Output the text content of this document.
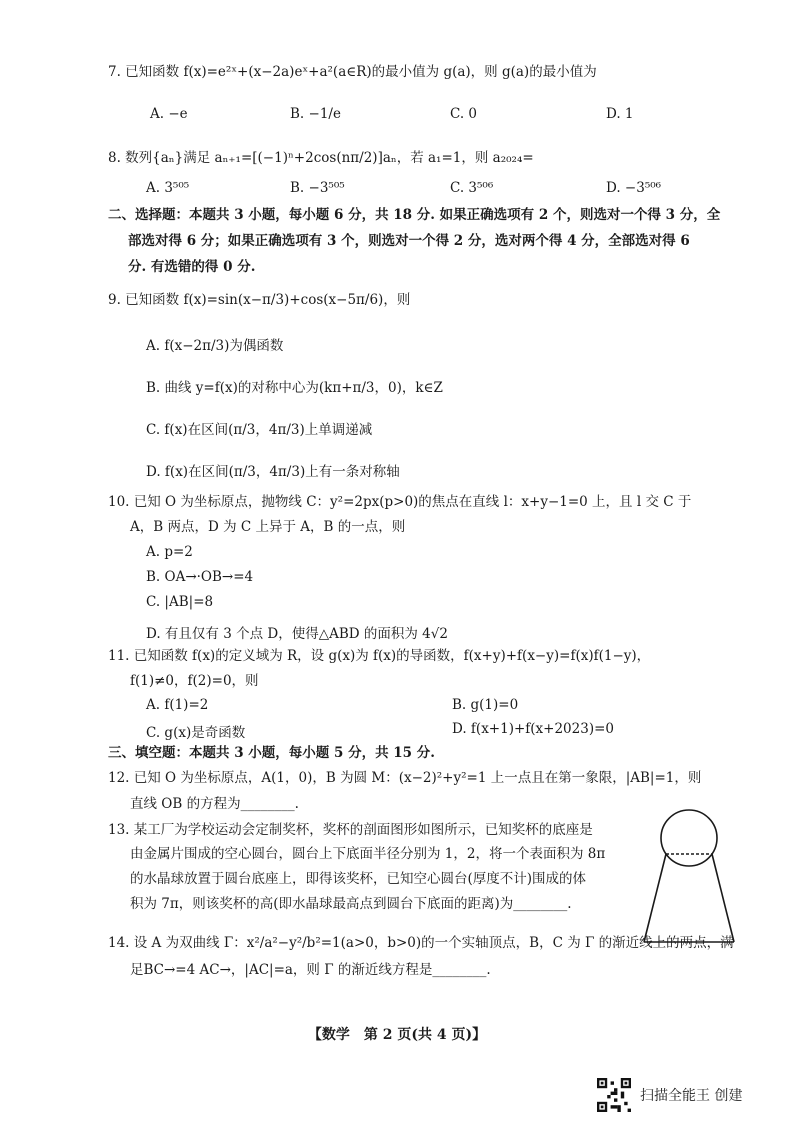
7. 已知函数 f(x)=e²ˣ+(x−2a)eˣ+a²(a∈R)的最小值为 g(a)，则 g(a)的最小值为
A. −e	B. −1/e	C. 0	D. 1
8. 数列{aₙ}满足 aₙ₊₁=[(−1)ⁿ+2cos(nπ/2)]aₙ，若 a₁=1，则 a₂₀₂₄=
A. 3⁵⁰⁵	B. −3⁵⁰⁵	C. 3⁵⁰⁶	D. −3⁵⁰⁶
二、选择题：本题共 3 小题，每小题 6 分，共 18 分. 如果正确选项有 2 个，则选对一个得 3 分，全
部选对得 6 分；如果正确选项有 3 个，则选对一个得 2 分，选对两个得 4 分，全部选对得 6
分. 有选错的得 0 分.
9. 已知函数 f(x)=sin(x−π/3)+cos(x−5π/6)，则
A. f(x−2π/3)为偶函数
B. 曲线 y=f(x)的对称中心为(kπ+π/3，0)，k∈Z
C. f(x)在区间(π/3，4π/3)上单调递减
D. f(x)在区间(π/3，4π/3)上有一条对称轴
10. 已知 O 为坐标原点，抛物线 C：y²=2px(p>0)的焦点在直线 l：x+y−1=0 上，且 l 交 C 于
A，B 两点，D 为 C 上异于 A，B 的一点，则
A. p=2
B. OA→·OB→=4
C. |AB|=8
D. 有且仅有 3 个点 D，使得△ABD 的面积为 4√2
11. 已知函数 f(x)的定义域为 R，设 g(x)为 f(x)的导函数，f(x+y)+f(x−y)=f(x)f(1−y)，
f(1)≠0，f(2)=0，则
A. f(1)=2	B. g(1)=0
C. g(x)是奇函数	D. f(x+1)+f(x+2023)=0
三、填空题：本题共 3 小题，每小题 5 分，共 15 分.
12. 已知 O 为坐标原点，A(1，0)，B 为圆 M：(x−2)²+y²=1 上一点且在第一象限，|AB|=1，则
直线 OB 的方程为________.
13. 某工厂为学校运动会定制奖杯，奖杯的剖面图形如图所示，已知奖杯的底座是
由金属片围成的空心圆台，圆台上下底面半径分别为 1，2，将一个表面积为 8π
的水晶球放置于圆台底座上，即得该奖杯，已知空心圆台(厚度不计)围成的体
积为 7π，则该奖杯的高(即水晶球最高点到圆台下底面的距离)为________.
14. 设 A 为双曲线 Γ：x²/a²−y²/b²=1(a>0，b>0)的一个实轴顶点，B，C 为 Γ 的渐近线上的两点，满
足BC→=4 AC→，|AC|=a，则 Γ 的渐近线方程是________.
【数学　第 2 页(共 4 页)】
扫描全能王 创建
